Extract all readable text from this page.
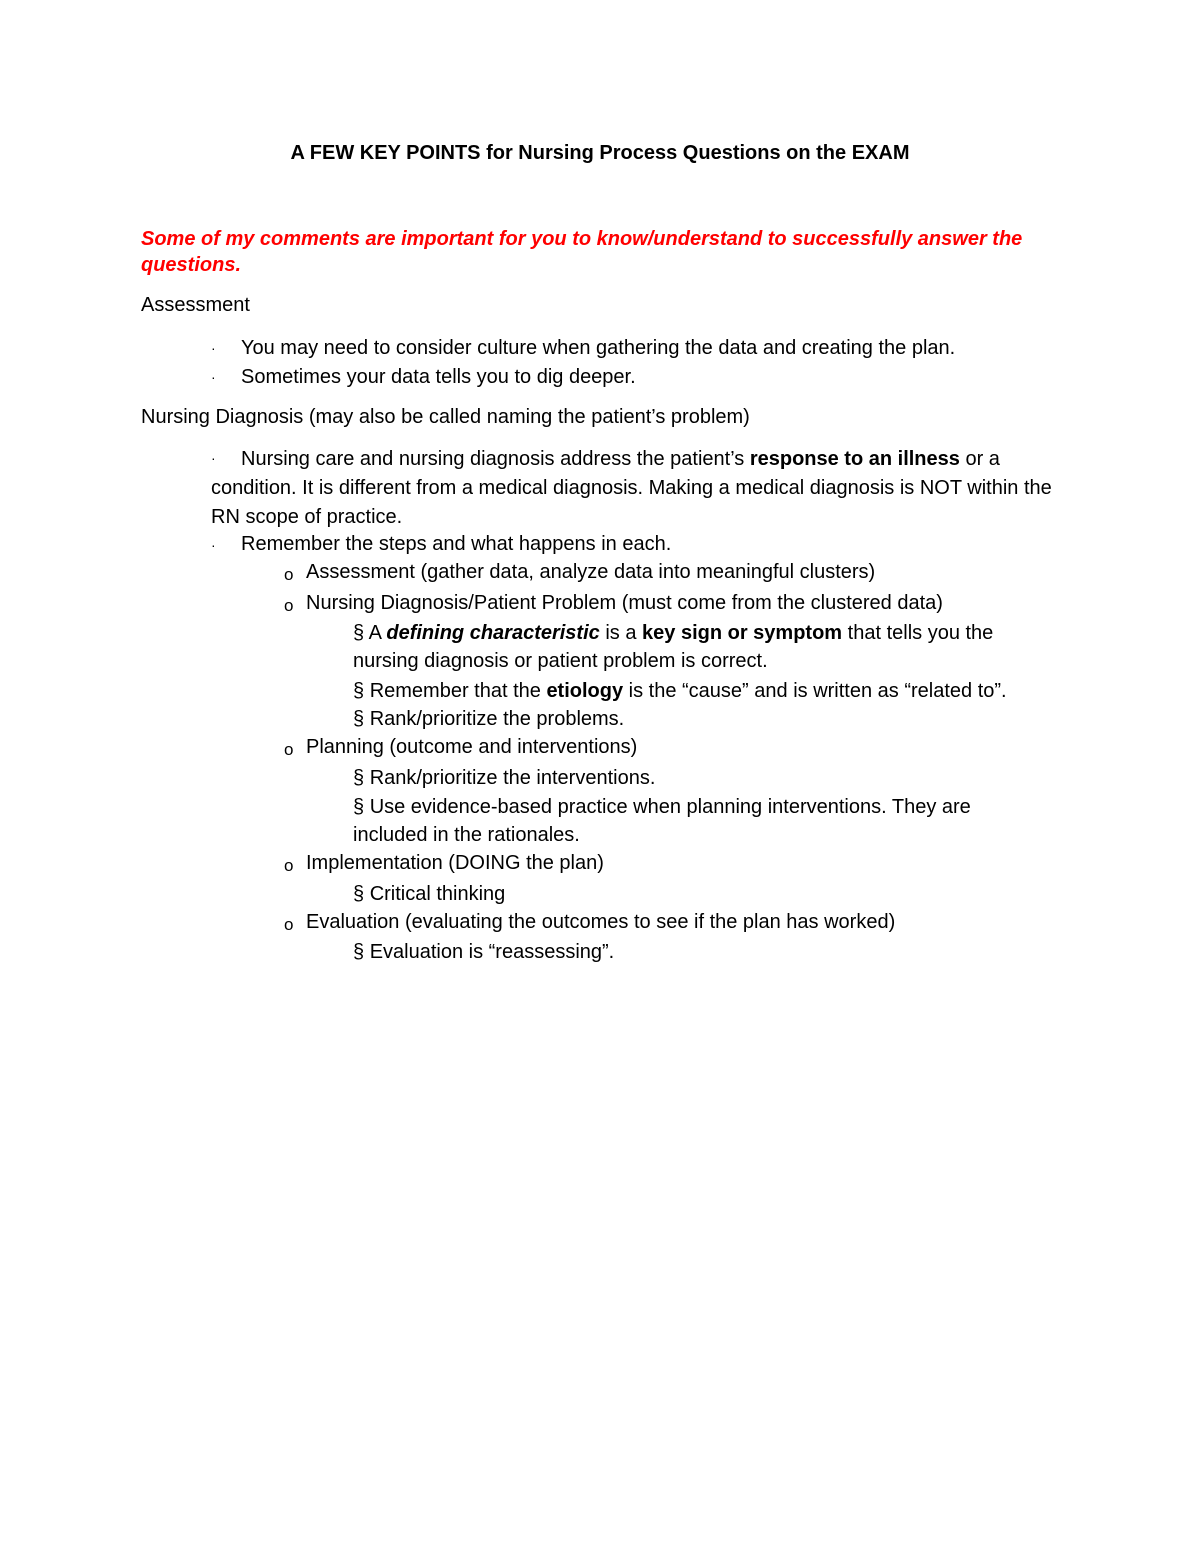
A FEW KEY POINTS for Nursing Process Questions on the EXAM
Some of my comments are important for you to know/understand to successfully answer the questions.
Assessment
· You may need to consider culture when gathering the data and creating the plan.
· Sometimes your data tells you to dig deeper.
Nursing Diagnosis (may also be called naming the patient’s problem)
·	Nursing care and nursing diagnosis address the patient’s response to an illness or a condition. It is different from a medical diagnosis. Making a medical diagnosis is NOT within the RN scope of practice.
· Remember the steps and what happens in each.
o Assessment (gather data, analyze data into meaningful clusters)
o Nursing Diagnosis/Patient Problem (must come from the clustered data)
§ A defining characteristic is a key sign or symptom that tells you the
nursing diagnosis or patient problem is correct.
§ Remember that the etiology is the “cause” and is written as “related to”.
§ Rank/prioritize the problems.
o Planning (outcome and interventions)
§ Rank/prioritize the interventions.
§ Use evidence-based practice when planning interventions. They are
included in the rationales.
o Implementation (DOING the plan)
§ Critical thinking
o Evaluation (evaluating the outcomes to see if the plan has worked)
§ Evaluation is “reassessing”.
